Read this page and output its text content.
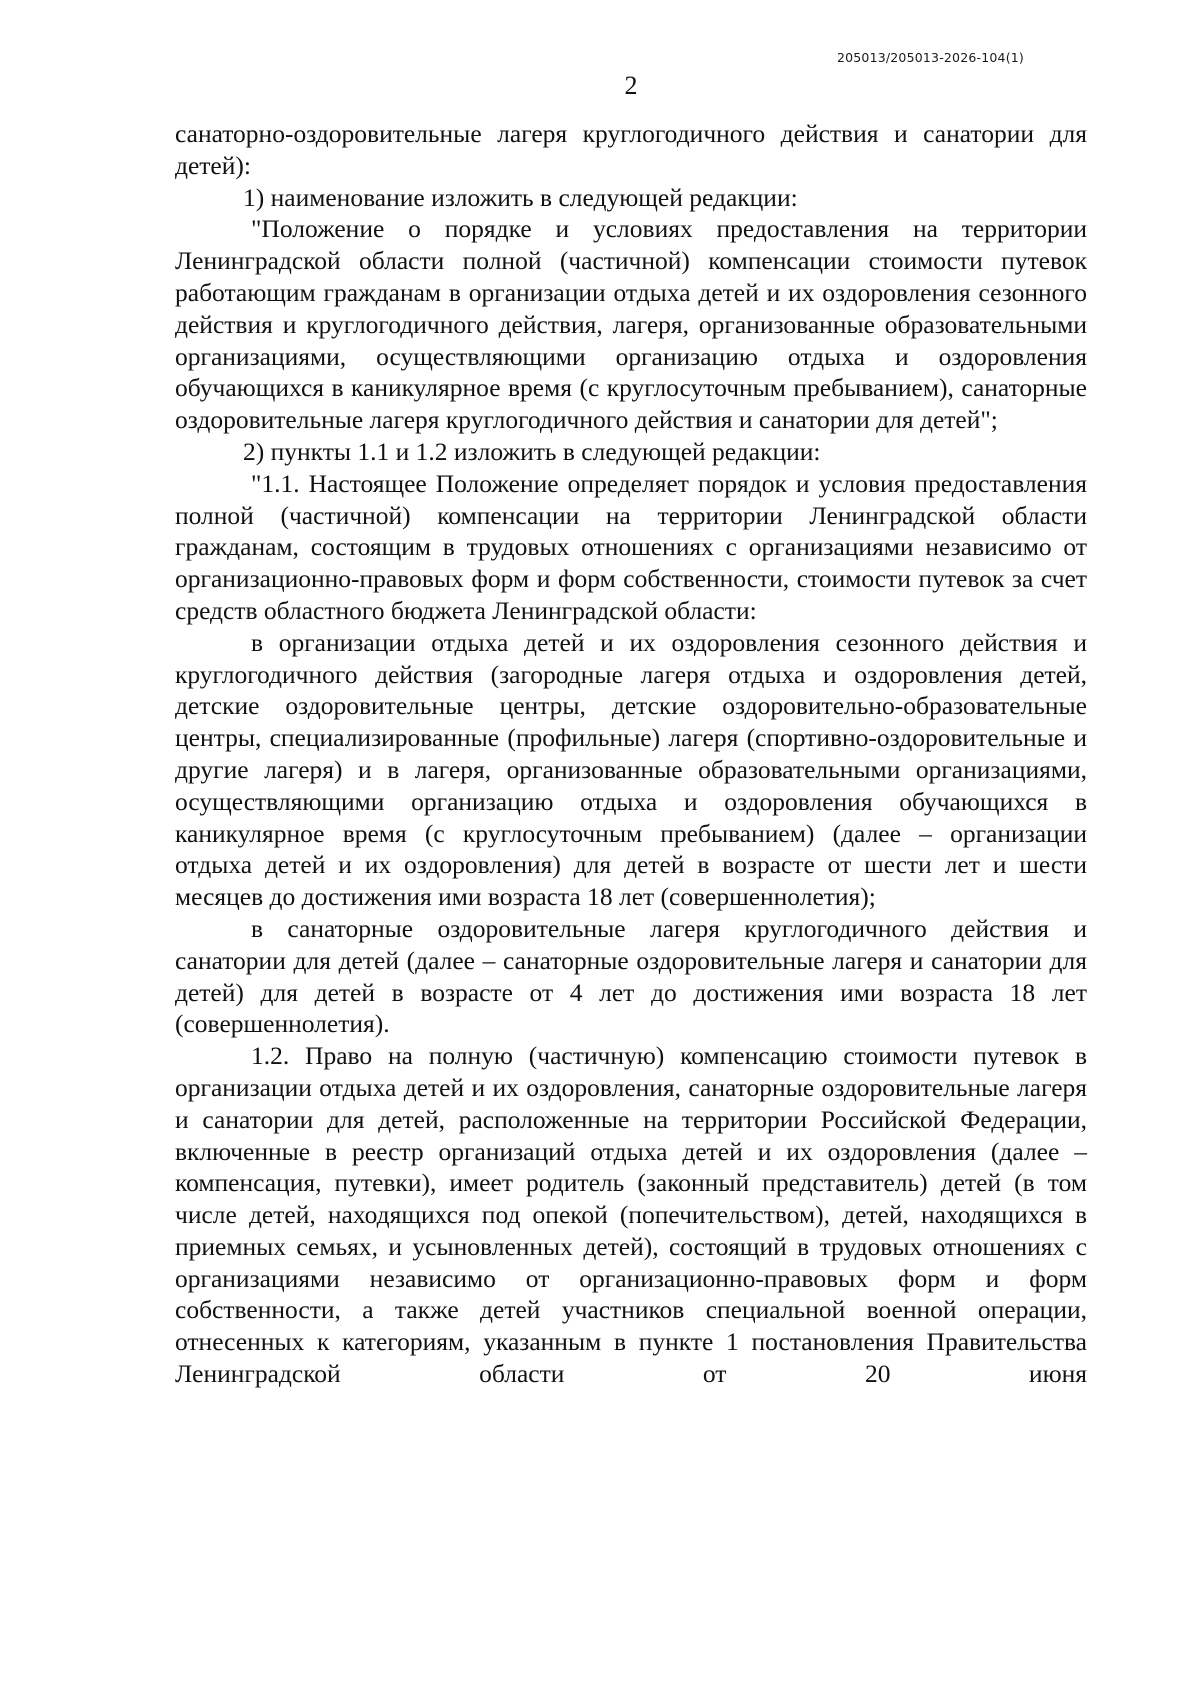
205013/205013-2026-104(1)
2

санаторно-оздоровительные лагеря круглогодичного действия и санатории для детей):

1) наименование изложить в следующей редакции:

"Положение о порядке и условиях предоставления на территории Ленинградской области полной (частичной) компенсации стоимости путевок работающим гражданам в организации отдыха детей и их оздоровления сезонного действия и круглогодичного действия, лагеря, организованные образовательными организациями, осуществляющими организацию отдыха и оздоровления обучающихся в каникулярное время (с круглосуточным пребыванием), санаторные оздоровительные лагеря круглогодичного действия и санатории для детей";

2) пункты 1.1 и 1.2 изложить в следующей редакции:

"1.1. Настоящее Положение определяет порядок и условия предоставления полной (частичной) компенсации на территории Ленинградской области гражданам, состоящим в трудовых отношениях с организациями независимо от организационно-правовых форм и форм собственности, стоимости путевок за счет средств областного бюджета Ленинградской области:

в организации отдыха детей и их оздоровления сезонного действия и круглогодичного действия (загородные лагеря отдыха и оздоровления детей, детские оздоровительные центры, детские оздоровительно-образовательные центры, специализированные (профильные) лагеря (спортивно-оздоровительные и другие лагеря) и в лагеря, организованные образовательными организациями, осуществляющими организацию отдыха и оздоровления обучающихся в каникулярное время (с круглосуточным пребыванием) (далее – организации отдыха детей и их оздоровления) для детей в возрасте от шести лет и шести месяцев до достижения ими возраста 18 лет (совершеннолетия);

в санаторные оздоровительные лагеря круглогодичного действия и санатории для детей (далее – санаторные оздоровительные лагеря и санатории для детей) для детей в возрасте от 4 лет до достижения ими возраста 18 лет (совершеннолетия).

1.2. Право на полную (частичную) компенсацию стоимости путевок в организации отдыха детей и их оздоровления, санаторные оздоровительные лагеря и санатории для детей, расположенные на территории Российской Федерации, включенные в реестр организаций отдыха детей и их оздоровления (далее – компенсация, путевки), имеет родитель (законный представитель) детей (в том числе детей, находящихся под опекой (попечительством), детей, находящихся в приемных семьях, и усыновленных детей), состоящий в трудовых отношениях с организациями независимо от организационно-правовых форм и форм собственности, а также детей участников специальной военной операции, отнесенных к категориям, указанным в пункте 1 постановления Правительства Ленинградской области от 20 июня
